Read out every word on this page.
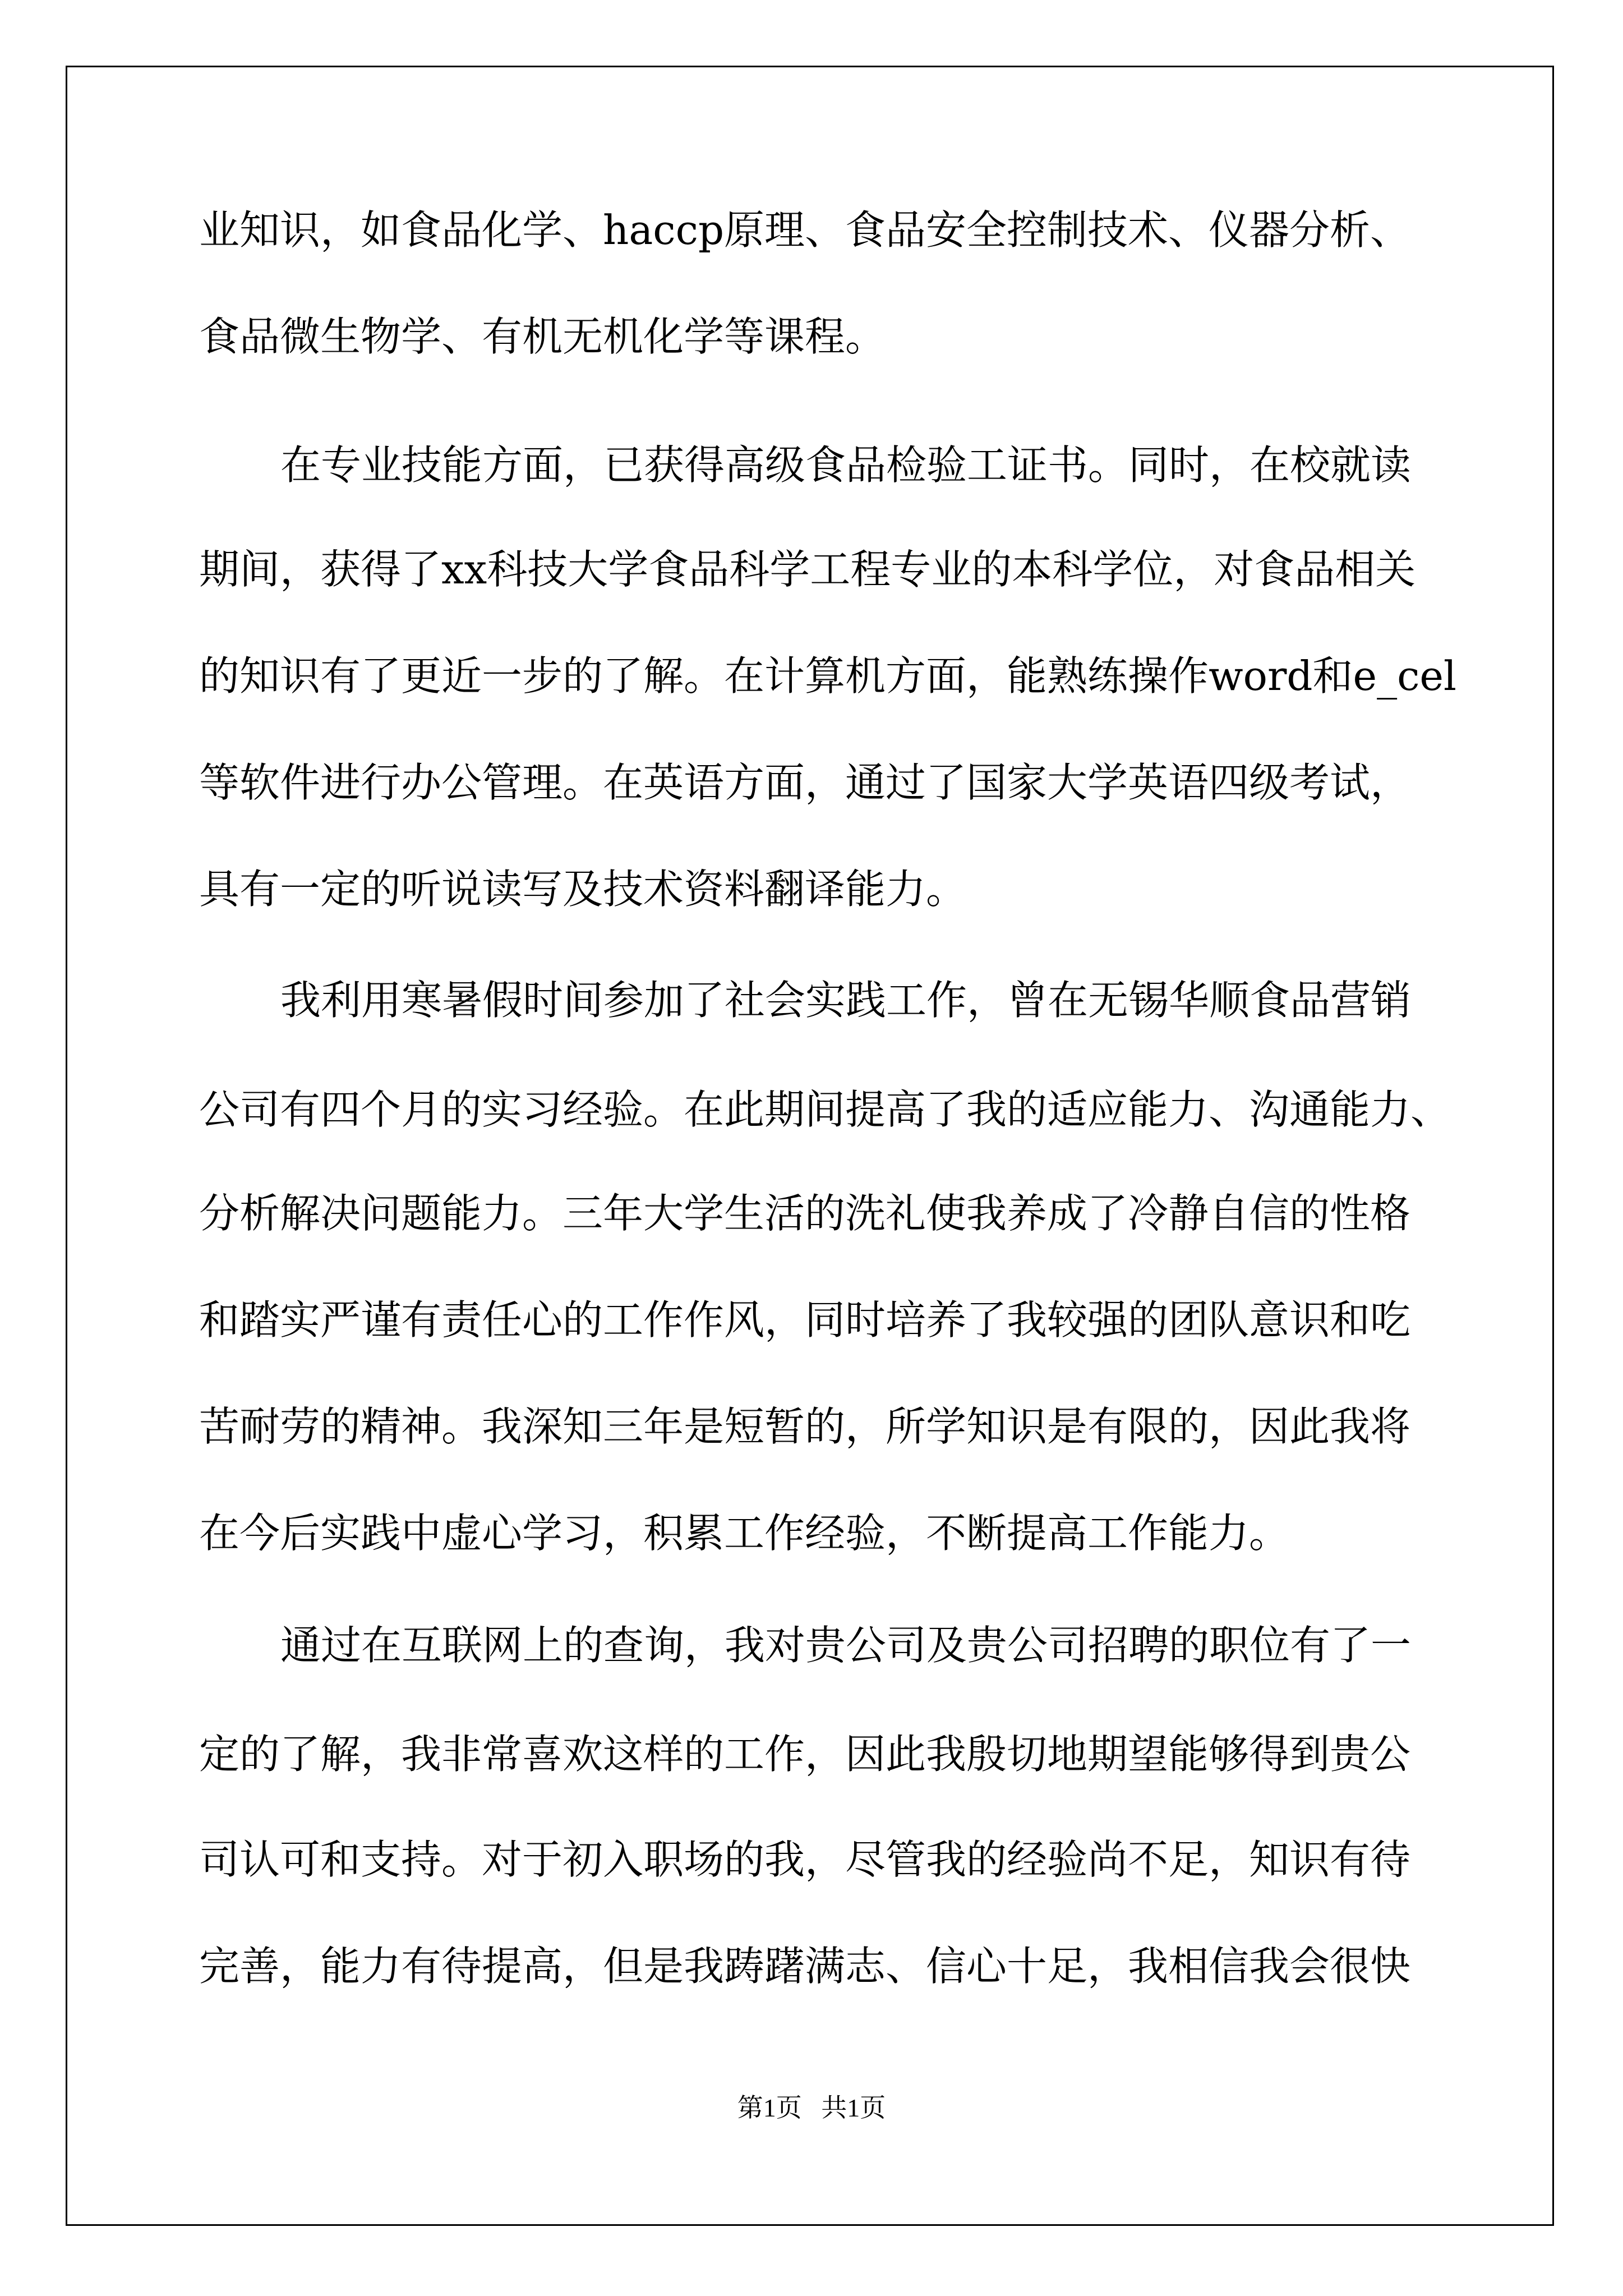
业知识，如食品化学、haccp原理、食品安全控制技术、仪器分析、
食品微生物学、有机无机化学等课程。
在专业技能方面，已获得高级食品检验工证书。同时，在校就读
期间，获得了xx科技大学食品科学工程专业的本科学位，对食品相关
的知识有了更近一步的了解。在计算机方面，能熟练操作word和e_cel
等软件进行办公管理。在英语方面，通过了国家大学英语四级考试，
具有一定的听说读写及技术资料翻译能力。
我利用寒暑假时间参加了社会实践工作，曾在无锡华顺食品营销
公司有四个月的实习经验。在此期间提高了我的适应能力、沟通能力、
分析解决问题能力。三年大学生活的洗礼使我养成了冷静自信的性格
和踏实严谨有责任心的工作作风，同时培养了我较强的团队意识和吃
苦耐劳的精神。我深知三年是短暂的，所学知识是有限的，因此我将
在今后实践中虚心学习，积累工作经验，不断提高工作能力。
通过在互联网上的查询，我对贵公司及贵公司招聘的职位有了一
定的了解，我非常喜欢这样的工作，因此我殷切地期望能够得到贵公
司认可和支持。对于初入职场的我，尽管我的经验尚不足，知识有待
完善，能力有待提高，但是我踌躇满志、信心十足，我相信我会很快
第1页   共1页
